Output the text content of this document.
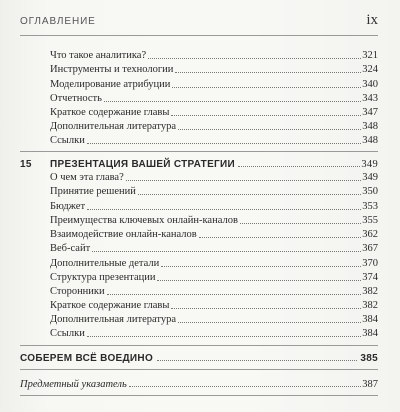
ОГЛАВЛЕНИЕ	ix
Что такое аналитика?	321
Инструменты и технологии	324
Моделирование атрибуции	340
Отчетность	343
Краткое содержание главы	347
Дополнительная литература	348
Ссылки	348
15	ПРЕЗЕНТАЦИЯ ВАШЕЙ СТРАТЕГИИ	349
О чем эта глава?	349
Принятие решений	350
Бюджет	353
Преимущества ключевых онлайн-каналов	355
Взаимодействие онлайн-каналов	362
Веб-сайт	367
Дополнительные детали	370
Структура презентации	374
Сторонники	382
Краткое содержание главы	382
Дополнительная литература	384
Ссылки	384
СОБЕРЕМ ВСЁ ВОЕДИНО	385
Предметный указатель	387
